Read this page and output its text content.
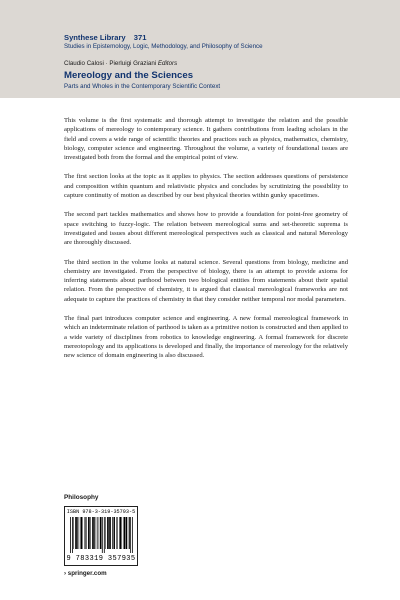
Synthese Library 371
Studies in Epistemology, Logic, Methodology, and Philosophy of Science
Claudio Calosi · Pierluigi Graziani Editors
Mereology and the Sciences
Parts and Wholes in the Contemporary Scientific Context

This volume is the first systematic and thorough attempt to investigate the relation and the possible applications of mereology to contemporary science. It gathers contributions from leading scholars in the field and covers a wide range of scientific theories and practices such as physics, mathematics, chemistry, biology, computer science and engineering. Throughout the volume, a variety of foundational issues are investigated both from the formal and the empirical point of view.

The first section looks at the topic as it applies to physics. The section addresses questions of persistence and composition within quantum and relativistic physics and concludes by scrutinizing the possibility to capture continuity of motion as described by our best physical theories within gunky spacetimes.

The second part tackles mathematics and shows how to provide a foundation for point-free geometry of space switching to fuzzy-logic. The relation between mereological sums and set-theoretic suprema is investigated and issues about different mereological perspectives such as classical and natural Mereology are thoroughly discussed.

The third section in the volume looks at natural science. Several questions from biology, medicine and chemistry are investigated. From the perspective of biology, there is an attempt to provide axioms for inferring statements about parthood between two biological entities from statements about their spatial relation. From the perspective of chemistry, it is argued that classical mereological frameworks are not adequate to capture the practices of chemistry in that they consider neither temporal nor modal parameters.

The final part introduces computer science and engineering. A new formal mereological framework in which an indeterminate relation of parthood is taken as a primitive notion is constructed and then applied to a wide variety of disciplines from robotics to knowledge engineering. A formal framework for discrete mereotopology and its applications is developed and finally, the importance of mereology for the relatively new science of domain engineering is also discussed.

Philosophy
ISBN 978-3-319-35793-5
9 783319 357935
› springer.com
